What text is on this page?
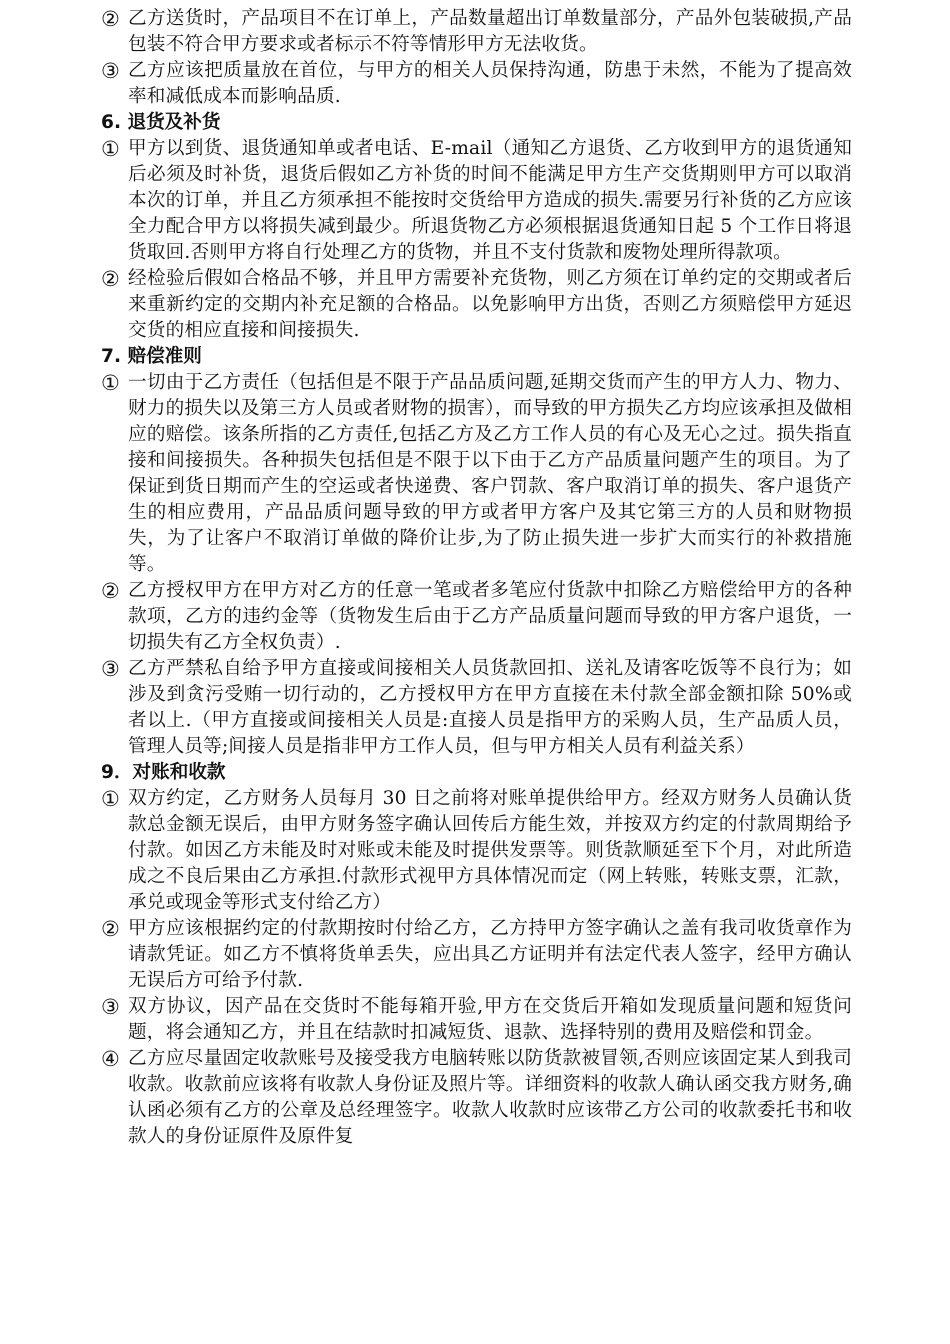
② 乙方送货时，产品项目不在订单上，产品数量超出订单数量部分，产品外包装破损,产品包装不符合甲方要求或者标示不符等情形甲方无法收货。
③ 乙方应该把质量放在首位，与甲方的相关人员保持沟通，防患于未然，不能为了提高效率和减低成本而影响品质.
6. 退货及补货
① 甲方以到货、退货通知单或者电话、E-mail（通知乙方退货、乙方收到甲方的退货通知后必须及时补货，退货后假如乙方补货的时间不能满足甲方生产交货期则甲方可以取消本次的订单，并且乙方须承担不能按时交货给甲方造成的损失.需要另行补货的乙方应该全力配合甲方以将损失减到最少。所退货物乙方必须根据退货通知日起 5 个工作日将退货取回.否则甲方将自行处理乙方的货物，并且不支付货款和废物处理所得款项。
② 经检验后假如合格品不够，并且甲方需要补充货物，则乙方须在订单约定的交期或者后来重新约定的交期内补充足额的合格品。以免影响甲方出货，否则乙方须赔偿甲方延迟交货的相应直接和间接损失.
7. 赔偿准则
① 一切由于乙方责任（包括但是不限于产品品质问题,延期交货而产生的甲方人力、物力、财力的损失以及第三方人员或者财物的损害），而导致的甲方损失乙方均应该承担及做相应的赔偿。该条所指的乙方责任,包括乙方及乙方工作人员的有心及无心之过。损失指直接和间接损失。各种损失包括但是不限于以下由于乙方产品质量问题产生的项目。为了保证到货日期而产生的空运或者快递费、客户罚款、客户取消订单的损失、客户退货产生的相应费用，产品品质问题导致的甲方或者甲方客户及其它第三方的人员和财物损失，为了让客户不取消订单做的降价让步,为了防止损失进一步扩大而实行的补救措施等。
② 乙方授权甲方在甲方对乙方的任意一笔或者多笔应付货款中扣除乙方赔偿给甲方的各种款项，乙方的违约金等（货物发生后由于乙方产品质量问题而导致的甲方客户退货，一切损失有乙方全权负责）.
③ 乙方严禁私自给予甲方直接或间接相关人员货款回扣、送礼及请客吃饭等不良行为；如涉及到贪污受贿一切行动的，乙方授权甲方在甲方直接在未付款全部金额扣除 50%或者以上.（甲方直接或间接相关人员是:直接人员是指甲方的采购人员，生产品质人员，管理人员等;间接人员是指非甲方工作人员，但与甲方相关人员有利益关系）
9．对账和收款
① 双方约定，乙方财务人员每月 30 日之前将对账单提供给甲方。经双方财务人员确认货款总金额无误后，由甲方财务签字确认回传后方能生效，并按双方约定的付款周期给予付款。如因乙方未能及时对账或未能及时提供发票等。则货款顺延至下个月，对此所造成之不良后果由乙方承担.付款形式视甲方具体情况而定（网上转账，转账支票，汇款，承兑或现金等形式支付给乙方）
② 甲方应该根据约定的付款期按时付给乙方，乙方持甲方签字确认之盖有我司收货章作为请款凭证。如乙方不慎将货单丢失，应出具乙方证明并有法定代表人签字，经甲方确认无误后方可给予付款.
③ 双方协议，因产品在交货时不能每箱开验,甲方在交货后开箱如发现质量问题和短货问题，将会通知乙方，并且在结款时扣减短货、退款、选择特别的费用及赔偿和罚金。
④ 乙方应尽量固定收款账号及接受我方电脑转账以防货款被冒领,否则应该固定某人到我司收款。收款前应该将有收款人身份证及照片等。详细资料的收款人确认函交我方财务,确认函必须有乙方的公章及总经理签字。收款人收款时应该带乙方公司的收款委托书和收款人的身份证原件及原件复
